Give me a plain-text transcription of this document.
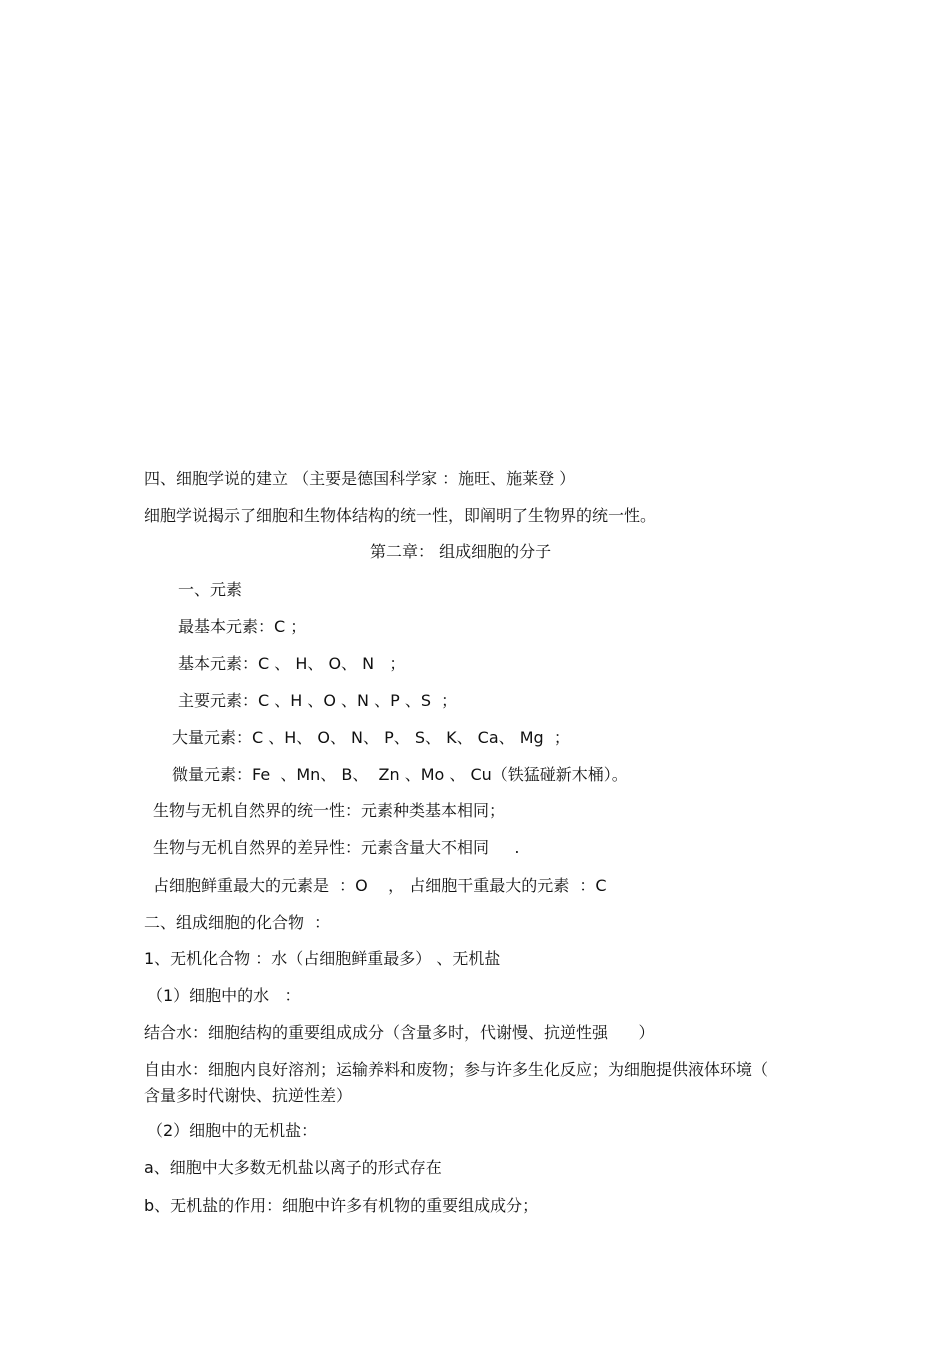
四、细胞学说的建立 （主要是德国科学家 ：施旺、施莱登 ）
细胞学说揭示了细胞和生物体结构的统一性，即阐明了生物界的统一性。
第二章： 组成细胞的分子
一、元素
最基本元素：C ；
基本元素：C 、 H、 O、 N   ；
主要元素：C 、H 、O 、N 、P 、S  ；
大量元素：C 、H、 O、 N、 P、 S、 K、 Ca、 Mg  ；
微量元素：Fe  、Mn、 B、  Zn 、Mo 、 Cu（铁猛碰新木桶）。
生物与无机自然界的统一性：元素种类基本相同；
生物与无机自然界的差异性：元素含量大不相同     .
占细胞鲜重最大的元素是  ：O    ， 占细胞干重最大的元素  ：C
二、组成细胞的化合物  ：
1、无机化合物 ：水（占细胞鲜重最多） 、无机盐
（1）细胞中的水   ：
结合水：细胞结构的重要组成成分（含量多时，代谢慢、抗逆性强      ）
自由水：细胞内良好溶剂；运输养料和废物；参与许多生化反应；为细胞提供液体环境（ 含量多时代谢快、抗逆性差）
（2）细胞中的无机盐：
a、细胞中大多数无机盐以离子的形式存在
b、无机盐的作用：细胞中许多有机物的重要组成成分；
